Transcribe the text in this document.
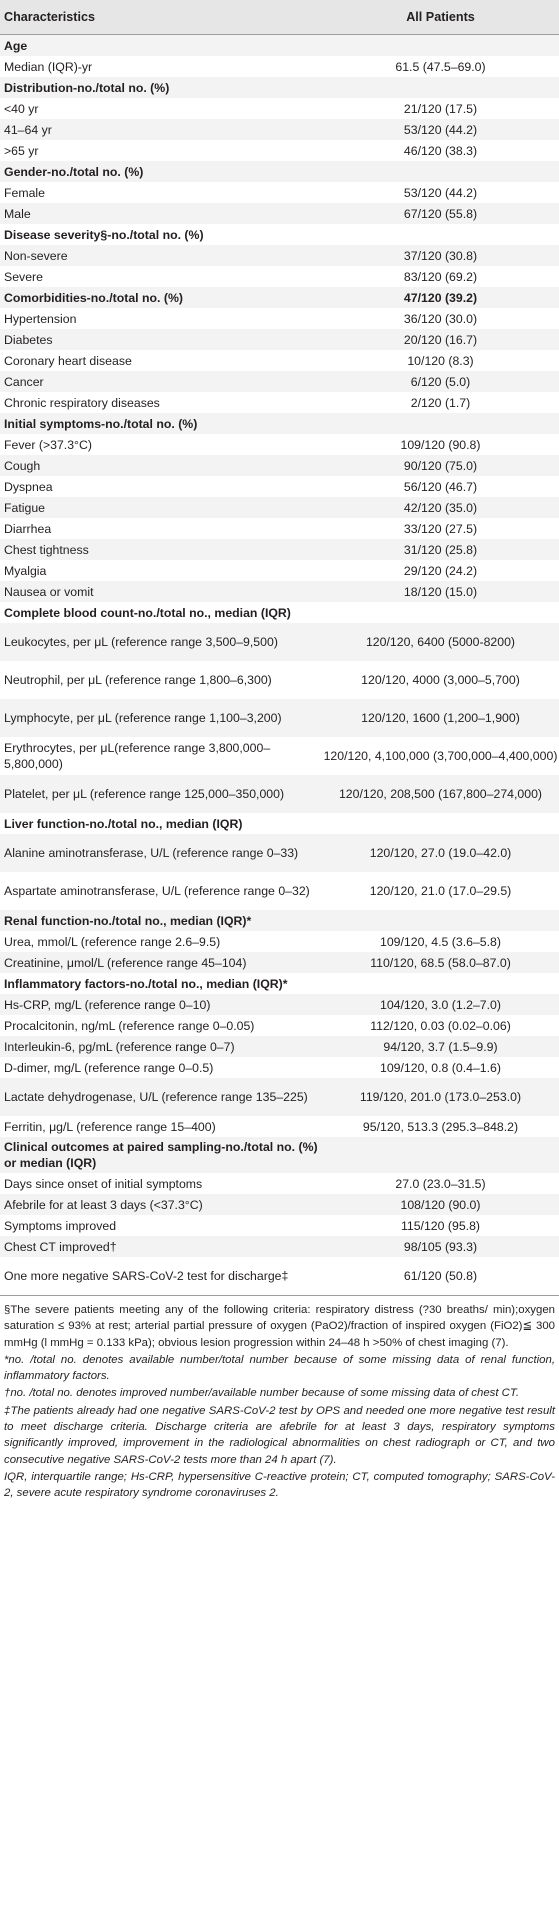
Characteristics	All Patients
Age	
Median (IQR)-yr	61.5 (47.5–69.0)
Distribution-no./total no. (%)	
<40 yr	21/120 (17.5)
41–64 yr	53/120 (44.2)
>65 yr	46/120 (38.3)
Gender-no./total no. (%)	
Female	53/120 (44.2)
Male	67/120 (55.8)
Disease severity§-no./total no. (%)	
Non-severe	37/120 (30.8)
Severe	83/120 (69.2)
Comorbidities-no./total no. (%)	47/120 (39.2)
Hypertension	36/120 (30.0)
Diabetes	20/120 (16.7)
Coronary heart disease	10/120 (8.3)
Cancer	6/120 (5.0)
Chronic respiratory diseases	2/120 (1.7)
Initial symptoms-no./total no. (%)	
Fever (>37.3°C)	109/120 (90.8)
Cough	90/120 (75.0)
Dyspnea	56/120 (46.7)
Fatigue	42/120 (35.0)
Diarrhea	33/120 (27.5)
Chest tightness	31/120 (25.8)
Myalgia	29/120 (24.2)
Nausea or vomit	18/120 (15.0)
Complete blood count-no./total no., median (IQR)	
Leukocytes, per μL (reference range 3,500–9,500)	120/120, 6400 (5000-8200)
Neutrophil, per μL (reference range 1,800–6,300)	120/120, 4000 (3,000–5,700)
Lymphocyte, per μL (reference range 1,100–3,200)	120/120, 1600 (1,200–1,900)
Erythrocytes, per μL(reference range 3,800,000–5,800,000)	120/120, 4,100,000 (3,700,000–4,400,000)
Platelet, per μL (reference range 125,000–350,000)	120/120, 208,500 (167,800–274,000)
Liver function-no./total no., median (IQR)	
Alanine aminotransferase, U/L (reference range 0–33)	120/120, 27.0 (19.0–42.0)
Aspartate aminotransferase, U/L (reference range 0–32)	120/120, 21.0 (17.0–29.5)
Renal function-no./total no., median (IQR)*	
Urea, mmol/L (reference range 2.6–9.5)	109/120, 4.5 (3.6–5.8)
Creatinine, μmol/L (reference range 45–104)	110/120, 68.5 (58.0–87.0)
Inflammatory factors-no./total no., median (IQR)*	
Hs-CRP, mg/L (reference range 0–10)	104/120, 3.0 (1.2–7.0)
Procalcitonin, ng/mL (reference range 0–0.05)	112/120, 0.03 (0.02–0.06)
Interleukin-6, pg/mL (reference range 0–7)	94/120, 3.7 (1.5–9.9)
D-dimer, mg/L (reference range 0–0.5)	109/120, 0.8 (0.4–1.6)
Lactate dehydrogenase, U/L (reference range 135–225)	119/120, 201.0 (173.0–253.0)
Ferritin, μg/L (reference range 15–400)	95/120, 513.3 (295.3–848.2)
Clinical outcomes at paired sampling-no./total no. (%) or median (IQR)	
Days since onset of initial symptoms	27.0 (23.0–31.5)
Afebrile for at least 3 days (<37.3°C)	108/120 (90.0)
Symptoms improved	115/120 (95.8)
Chest CT improved†	98/105 (93.3)
One more negative SARS-CoV-2 test for discharge‡	61/120 (50.8)

§The severe patients meeting any of the following criteria: respiratory distress (?30 breaths/ min);oxygen saturation ≤ 93% at rest; arterial partial pressure of oxygen (PaO2)/fraction of inspired oxygen (FiO2)≦ 300 mmHg (l mmHg = 0.133 kPa); obvious lesion progression within 24–48 h >50% of chest imaging (7).

*no. /total no. denotes available number/total number because of some missing data of renal function, inflammatory factors.

†no. /total no. denotes improved number/available number because of some missing data of chest CT.

‡The patients already had one negative SARS-CoV-2 test by OPS and needed one more negative test result to meet discharge criteria. Discharge criteria are afebrile for at least 3 days, respiratory symptoms significantly improved, improvement in the radiological abnormalities on chest radiograph or CT, and two consecutive negative SARS-CoV-2 tests more than 24 h apart (7).

IQR, interquartile range; Hs-CRP, hypersensitive C-reactive protein; CT, computed tomography; SARS-CoV-2, severe acute respiratory syndrome coronaviruses 2.
